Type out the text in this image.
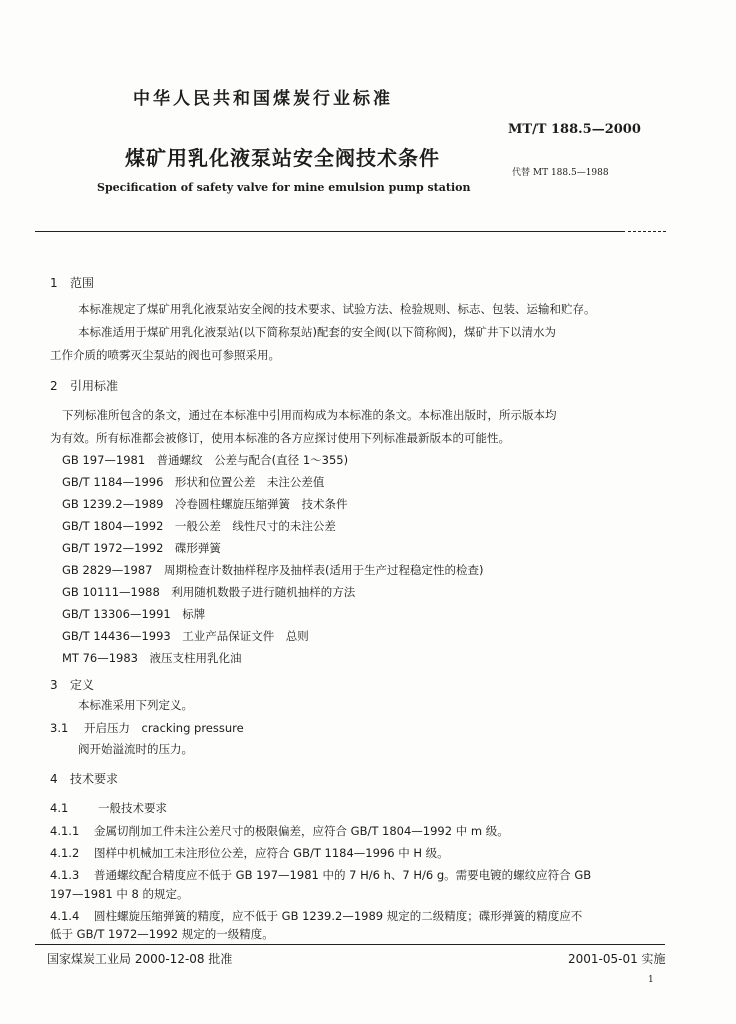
中华人民共和国煤炭行业标准
MT/T 188.5—2000
煤矿用乳化液泵站安全阀技术条件
代替 MT 188.5—1988
Specification of safety valve for mine emulsion pump station
1 范围
本标准规定了煤矿用乳化液泵站安全阀的技术要求、试验方法、检验规则、标志、包装、运输和贮存。
本标准适用于煤矿用乳化液泵站(以下简称泵站)配套的安全阀(以下简称阀)，煤矿井下以清水为
工作介质的喷雾灭尘泵站的阀也可参照采用。
2 引用标准
下列标准所包含的条文，通过在本标准中引用而构成为本标准的条文。本标准出版时，所示版本均
为有效。所有标准都会被修订，使用本标准的各方应探讨使用下列标准最新版本的可能性。
GB 197—1981　普通螺纹　公差与配合(直径 1～355)
GB/T 1184—1996　形状和位置公差　未注公差值
GB 1239.2—1989　冷卷圆柱螺旋压缩弹簧　技术条件
GB/T 1804—1992　一般公差　线性尺寸的未注公差
GB/T 1972—1992　碟形弹簧
GB 2829—1987　周期检查计数抽样程序及抽样表(适用于生产过程稳定性的检查)
GB 10111—1988　利用随机数骰子进行随机抽样的方法
GB/T 13306—1991　标牌
GB/T 14436—1993　工业产品保证文件　总则
MT 76—1983　液压支柱用乳化油
3 定义
本标准采用下列定义。
3.1 开启压力　cracking pressure
阀开始溢流时的压力。
4 技术要求
4.1	一般技术要求
4.1.1 金属切削加工件未注公差尺寸的极限偏差，应符合 GB/T 1804—1992 中 m 级。
4.1.2 图样中机械加工未注形位公差，应符合 GB/T 1184—1996 中 H 级。
4.1.3 普通螺纹配合精度应不低于 GB 197—1981 中的 7 H/6 h、7 H/6 g。需要电镀的螺纹应符合 GB
197—1981 中 8 的规定。
4.1.4 圆柱螺旋压缩弹簧的精度，应不低于 GB 1239.2—1989 规定的二级精度；碟形弹簧的精度应不
低于 GB/T 1972—1992 规定的一级精度。
国家煤炭工业局 2000-12-08 批准	2001-05-01 实施
1
